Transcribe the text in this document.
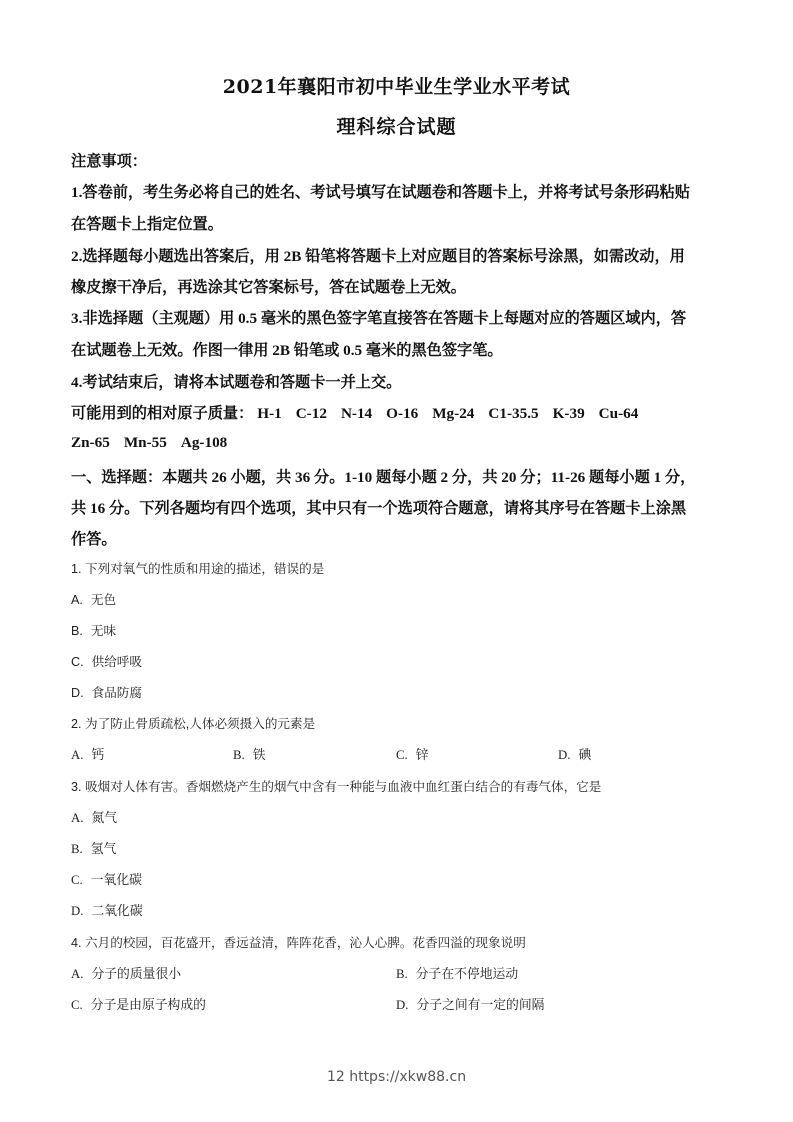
2021年襄阳市初中毕业生学业水平考试
理科综合试题
注意事项：
1.答卷前，考生务必将自己的姓名、考试号填写在试题卷和答题卡上，并将考试号条形码粘贴
在答题卡上指定位置。
2.选择题每小题选出答案后，用 2B 铅笔将答题卡上对应题目的答案标号涂黑，如需改动，用
橡皮擦干净后，再选涂其它答案标号，答在试题卷上无效。
3.非选择题（主观题）用 0.5 毫米的黑色签字笔直接答在答题卡上每题对应的答题区域内，答
在试题卷上无效。作图一律用 2B 铅笔或 0.5 毫米的黑色签字笔。
4.考试结束后，请将本试题卷和答题卡一并上交。
可能用到的相对原子质量： H-1 C-12 N-14 O-16 Mg-24 C1-35.5 K-39 Cu-64
Zn-65 Mn-55 Ag-108
一、选择题：本题共 26 小题，共 36 分。1-10 题每小题 2 分，共 20 分；11-26 题每小题 1 分，
共 16 分。下列各题均有四个选项，其中只有一个选项符合题意，请将其序号在答题卡上涂黑
作答。
1. 下列对氧气的性质和用途的描述，错误的是
A. 无色
B. 无味
C. 供给呼吸
D. 食品防腐
2. 为了防止骨质疏松,人体必须摄入的元素是
A. 钙	B. 铁	C. 锌	D. 碘
3. 吸烟对人体有害。香烟燃烧产生的烟气中含有一种能与血液中血红蛋白结合的有毒气体，它是
A. 氮气
B. 氢气
C. 一氧化碳
D. 二氧化碳
4. 六月的校园，百花盛开，香远益清，阵阵花香，沁人心脾。花香四溢的现象说明
A. 分子的质量很小	B. 分子在不停地运动
C. 分子是由原子构成的	D. 分子之间有一定的间隔
12 https://xkw88.cn
